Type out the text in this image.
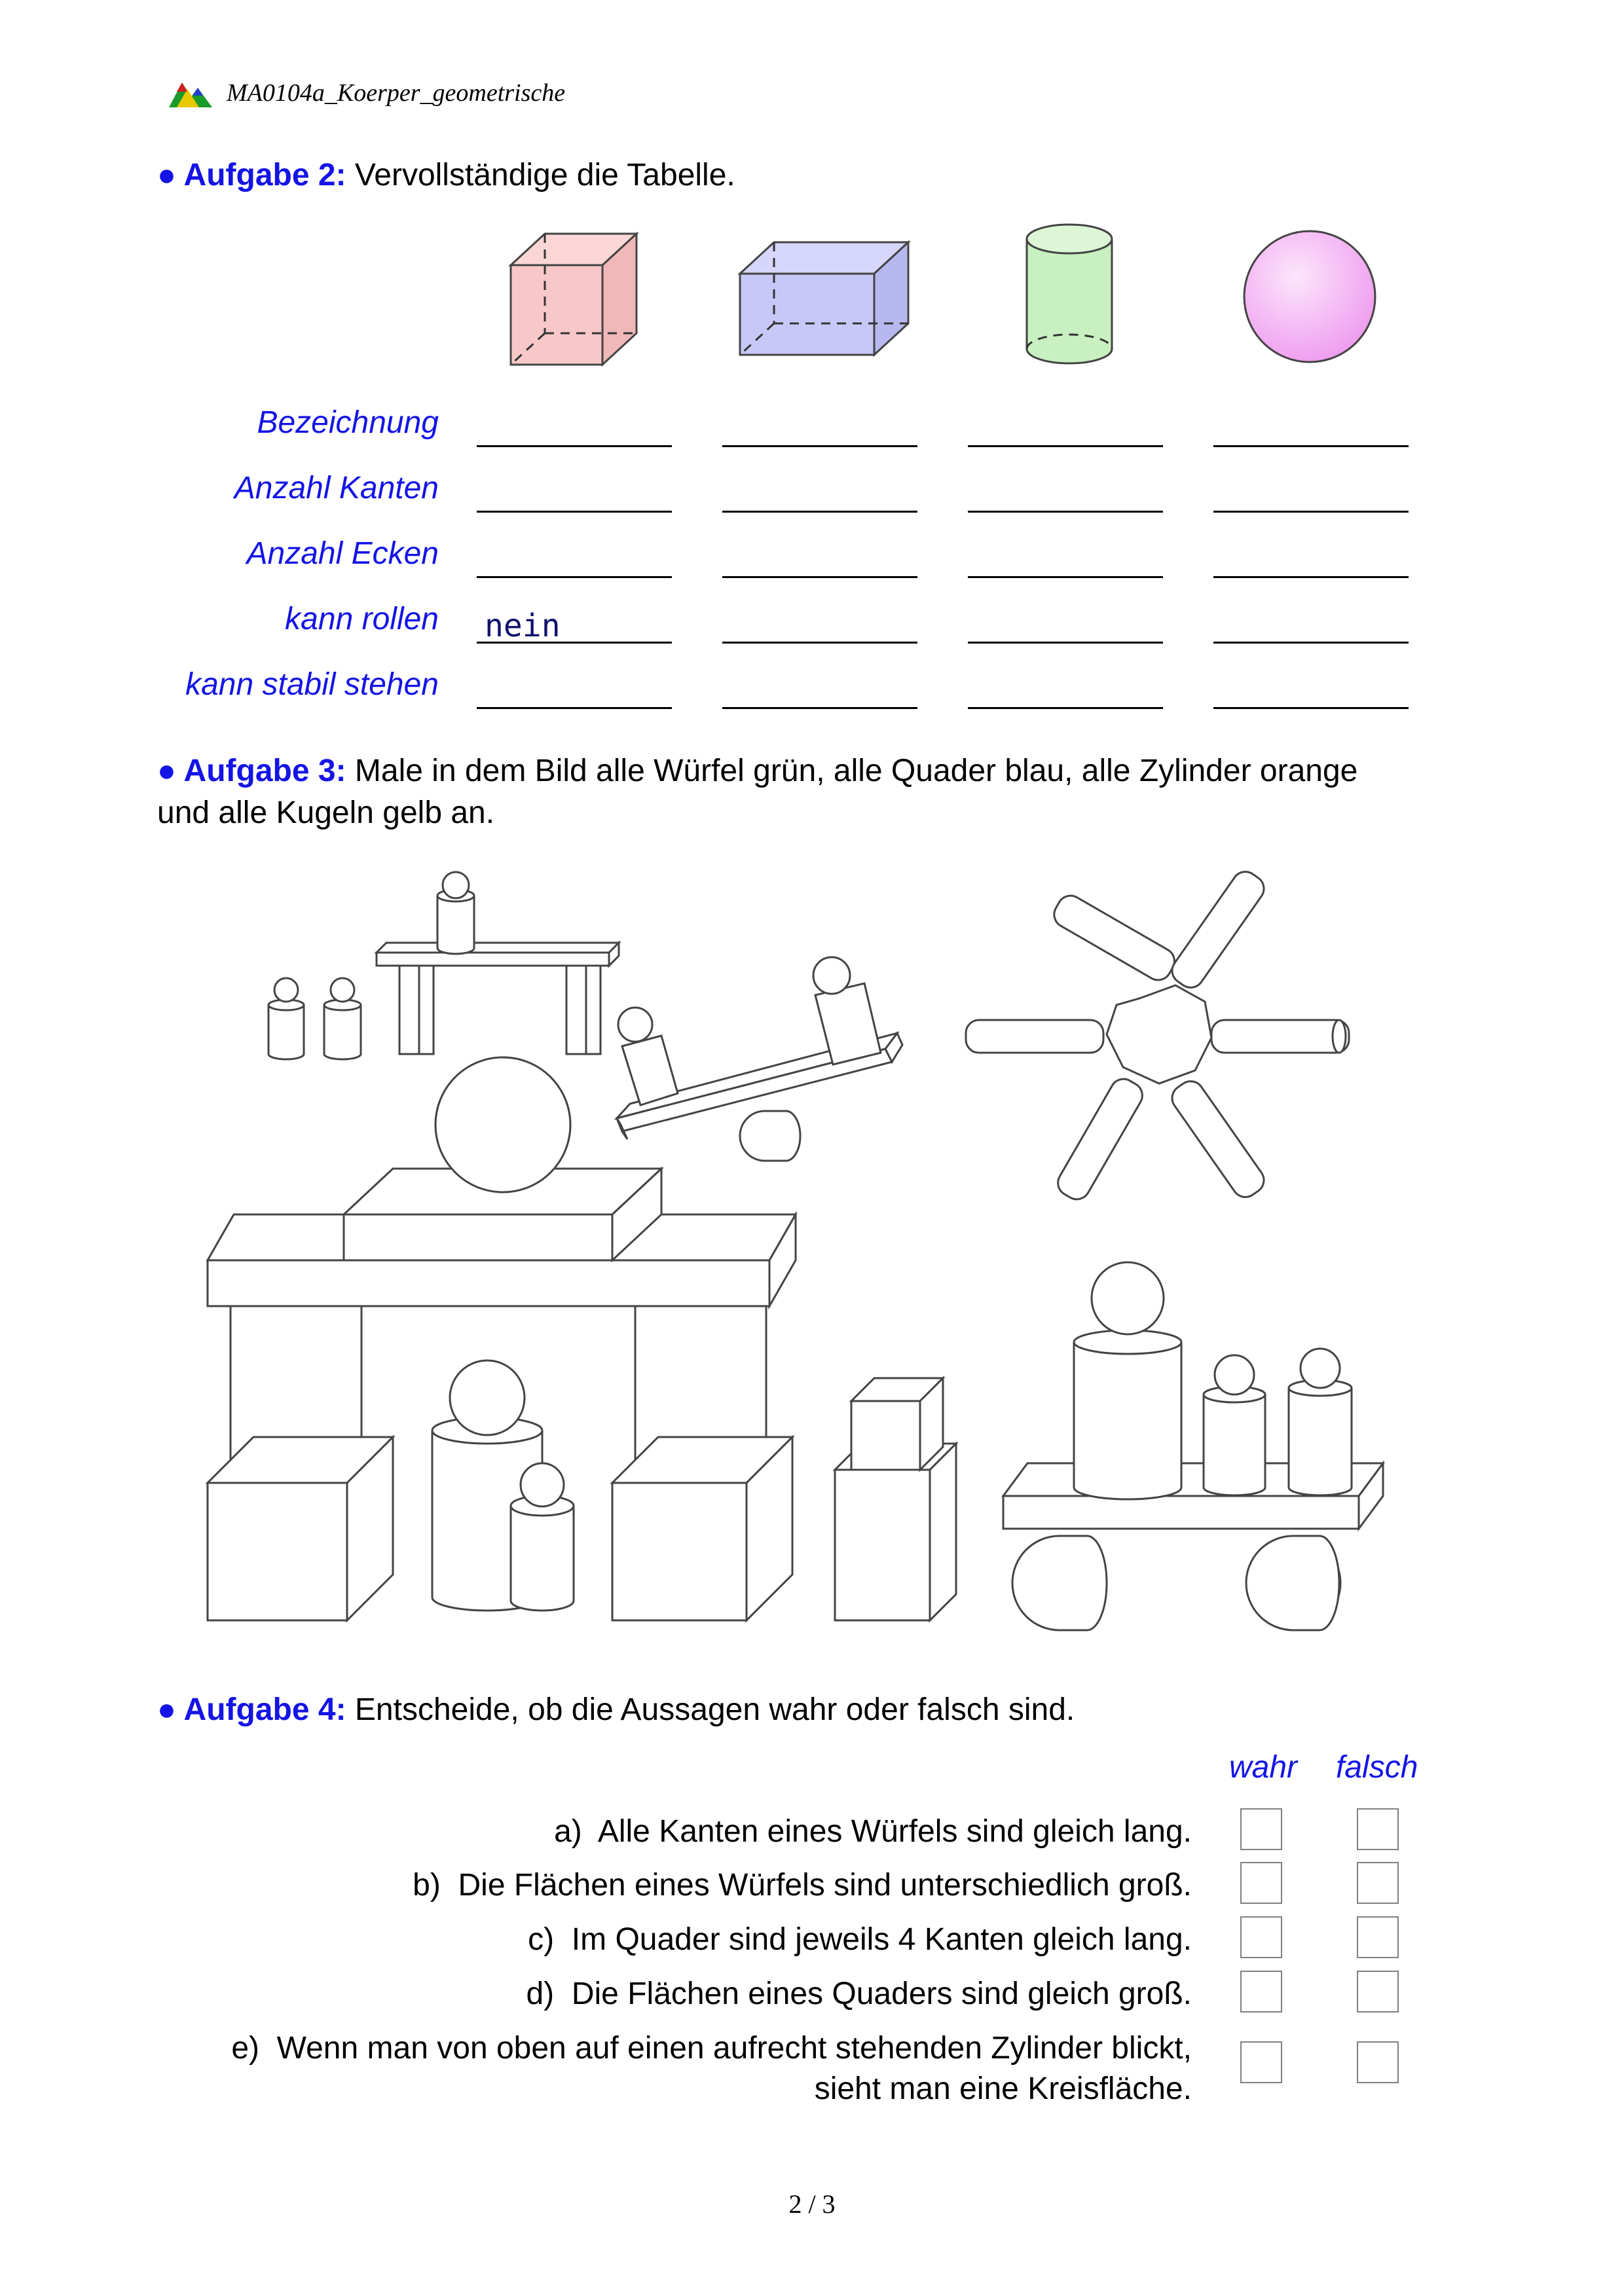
MA0104a_Koerper_geometrische
● Aufgabe 2: Vervollständige die Tabelle.
Bezeichnung
Anzahl Kanten
Anzahl Ecken
kann rollen nein
kann stabil stehen
● Aufgabe 3: Male in dem Bild alle Würfel grün, alle Quader blau, alle Zylinder orange
und alle Kugeln gelb an.
● Aufgabe 4: Entscheide, ob die Aussagen wahr oder falsch sind.
wahr falsch
a) Alle Kanten eines Würfels sind gleich lang.
b) Die Flächen eines Würfels sind unterschiedlich groß.
c) Im Quader sind jeweils 4 Kanten gleich lang.
d) Die Flächen eines Quaders sind gleich groß.
e) Wenn man von oben auf einen aufrecht stehenden Zylinder blickt,
sieht man eine Kreisfläche.
2 / 3
